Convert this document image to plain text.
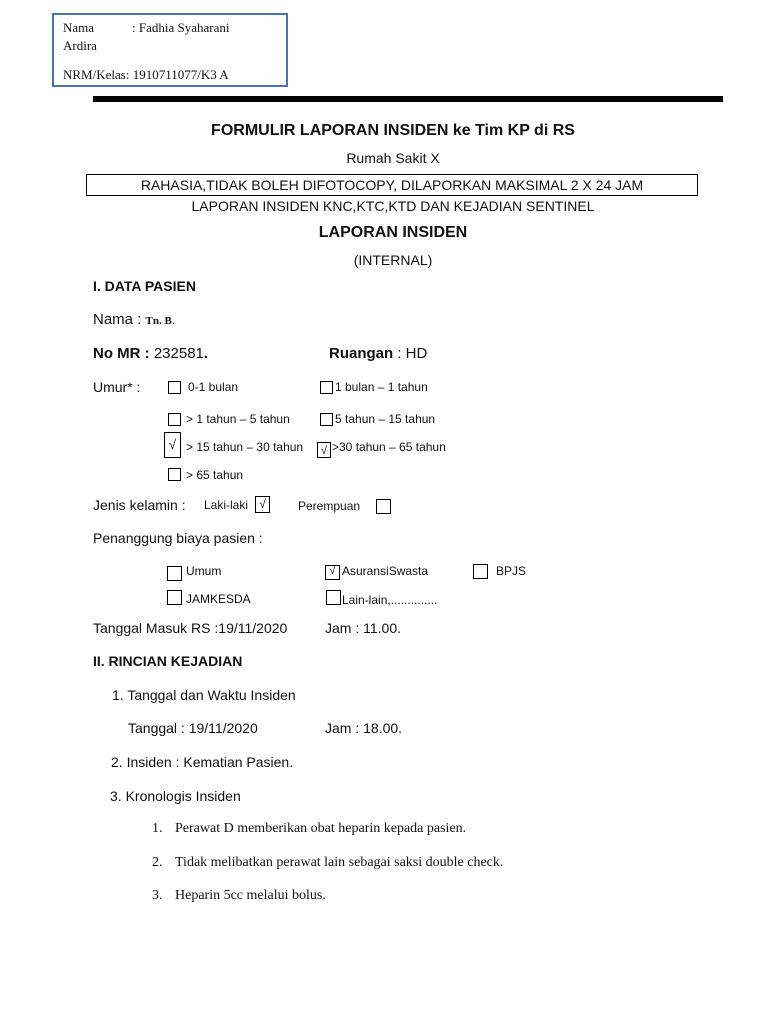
Nama	: Fadhia Syaharani
Ardira
NRM/Kelas: 1910711077/K3 A
FORMULIR LAPORAN INSIDEN ke Tim KP di RS
Rumah Sakit X
RAHASIA,TIDAK BOLEH DIFOTOCOPY, DILAPORKAN MAKSIMAL 2 X 24 JAM
LAPORAN INSIDEN KNC,KTC,KTD DAN KEJADIAN SENTINEL
LAPORAN INSIDEN
(INTERNAL)
I. DATA PASIEN
Nama : Tn. B.
No MR : 232581.	Ruangan : HD
Umur* :	0-1 bulan	1 bulan – 1 tahun
> 1 tahun – 5 tahun	5 tahun – 15 tahun
√ > 15 tahun – 30 tahun	√ >30 tahun – 65 tahun
> 65 tahun
Jenis kelamin : Laki-laki √	Perempuan
Penanggung biaya pasien :
Umum	√ AsuransiSwasta	BPJS
JAMKESDA	Lain-lain,..............
Tanggal Masuk RS :19/11/2020	Jam : 11.00.
II. RINCIAN KEJADIAN
1. Tanggal dan Waktu Insiden
Tanggal : 19/11/2020	Jam : 18.00.
2. Insiden : Kematian Pasien.
3. Kronologis Insiden
1. Perawat D memberikan obat heparin kepada pasien.
2. Tidak melibatkan perawat lain sebagai saksi double check.
3. Heparin 5cc melalui bolus.
